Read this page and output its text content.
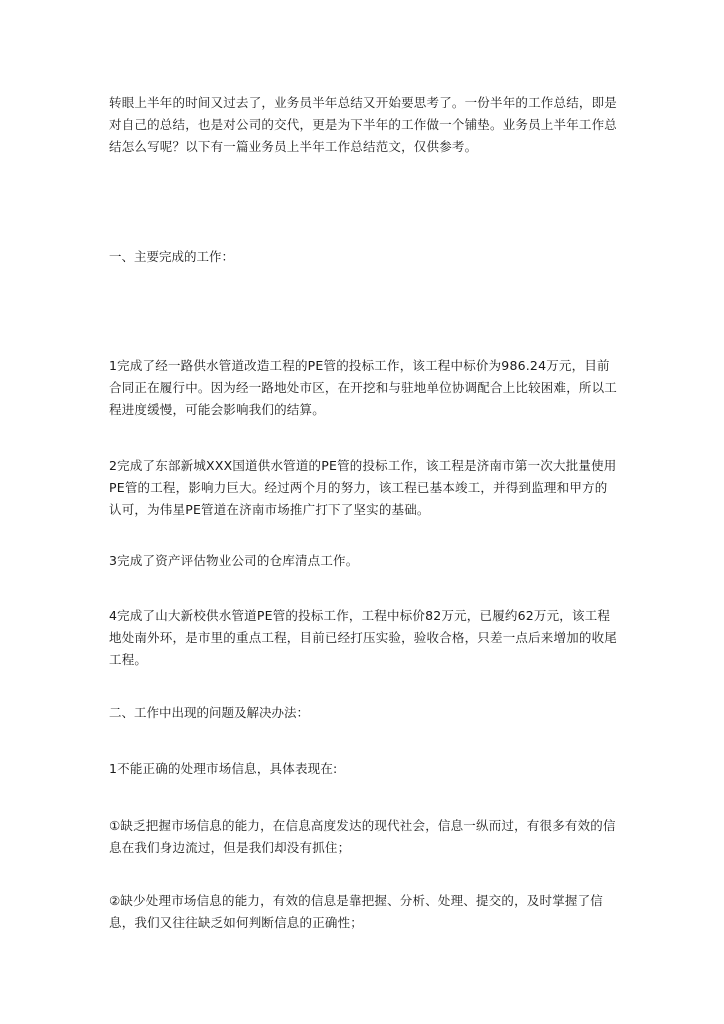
转眼上半年的时间又过去了，业务员半年总结又开始要思考了。一份半年的工作总结，即是对自己的总结，也是对公司的交代，更是为下半年的工作做一个铺垫。业务员上半年工作总结怎么写呢？以下有一篇业务员上半年工作总结范文，仅供参考。

一、主要完成的工作：

1完成了经一路供水管道改造工程的PE管的投标工作，该工程中标价为986.24万元，目前合同正在履行中。因为经一路地处市区，在开挖和与驻地单位协调配合上比较困难，所以工程进度缓慢，可能会影响我们的结算。

2完成了东部新城XXX国道供水管道的PE管的投标工作，该工程是济南市第一次大批量使用PE管的工程，影响力巨大。经过两个月的努力，该工程已基本竣工，并得到监理和甲方的认可，为伟星PE管道在济南市场推广打下了坚实的基础。

3完成了资产评估物业公司的仓库清点工作。

4完成了山大新校供水管道PE管的投标工作，工程中标价82万元，已履约62万元，该工程地处南外环，是市里的重点工程，目前已经打压实验，验收合格，只差一点后来增加的收尾工程。

二、工作中出现的问题及解决办法：

1不能正确的处理市场信息，具体表现在:

①缺乏把握市场信息的能力，在信息高度发达的现代社会，信息一纵而过，有很多有效的信息在我们身边流过，但是我们却没有抓住；

②缺少处理市场信息的能力，有效的信息是靠把握、分析、处理、提交的，及时掌握了信息，我们又往往缺乏如何判断信息的正确性；
